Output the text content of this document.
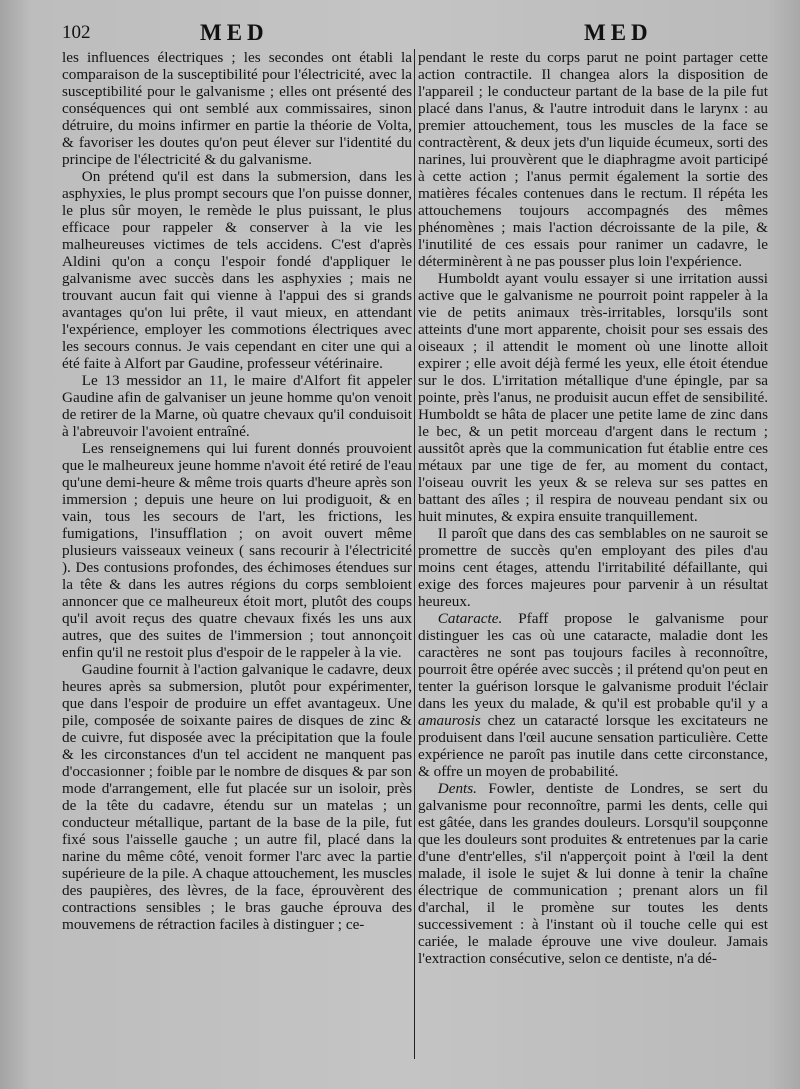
102	MED	MED

les influences électriques ; les secondes ont établi la comparaison de la susceptibilité pour l'électricité, avec la susceptibilité pour le galvanisme ; elles ont présenté des conséquences qui ont semblé aux commissaires, sinon détruire, du moins infirmer en partie la théorie de Volta, & favoriser les doutes qu'on peut élever sur l'identité du principe de l'électricité & du galvanisme.

On prétend qu'il est dans la submersion, dans les asphyxies, le plus prompt secours que l'on puisse donner, le plus sûr moyen, le remède le plus puissant, le plus efficace pour rappeler & conserver à la vie les malheureuses victimes de tels accidens. C'est d'après Aldini qu'on a conçu l'espoir fondé d'appliquer le galvanisme avec succès dans les asphyxies ; mais ne trouvant aucun fait qui vienne à l'appui des si grands avantages qu'on lui prête, il vaut mieux, en attendant l'expérience, employer les commotions électriques avec les secours connus. Je vais cependant en citer une qui a été faite à Alfort par Gaudine, professeur vétérinaire.

Le 13 messidor an 11, le maire d'Alfort fit appeler Gaudine afin de galvaniser un jeune homme qu'on venoit de retirer de la Marne, où quatre chevaux qu'il conduisoit à l'abreuvoir l'avoient entraîné.

Les renseignemens qui lui furent donnés prouvoient que le malheureux jeune homme n'avoit été retiré de l'eau qu'une demi-heure & même trois quarts d'heure après son immersion ; depuis une heure on lui prodiguoit, & en vain, tous les secours de l'art, les frictions, les fumigations, l'insufflation ; on avoit ouvert même plusieurs vaisseaux veineux ( sans recourir à l'électricité ). Des contusions profondes, des échimoses étendues sur la tête & dans les autres régions du corps sembloient annoncer que ce malheureux étoit mort, plutôt des coups qu'il avoit reçus des quatre chevaux fixés les uns aux autres, que des suites de l'immersion ; tout annonçoit enfin qu'il ne restoit plus d'espoir de le rappeler à la vie.

Gaudine fournit à l'action galvanique le cadavre, deux heures après sa submersion, plutôt pour expérimenter, que dans l'espoir de produire un effet avantageux. Une pile, composée de soixante paires de disques de zinc & de cuivre, fut disposée avec la précipitation que la foule & les circonstances d'un tel accident ne manquent pas d'occasionner ; foible par le nombre de disques & par son mode d'arrangement, elle fut placée sur un isoloir, près de la tête du cadavre, étendu sur un matelas ; un conducteur métallique, partant de la base de la pile, fut fixé sous l'aisselle gauche ; un autre fil, placé dans la narine du même côté, venoit former l'arc avec la partie supérieure de la pile. A chaque attouchement, les muscles des paupières, des lèvres, de la face, éprouvèrent des contractions sensibles ; le bras gauche éprouva des mouvemens de rétraction faciles à distinguer ; ce-

pendant le reste du corps parut ne point partager cette action contractile. Il changea alors la disposition de l'appareil ; le conducteur partant de la base de la pile fut placé dans l'anus, & l'autre introduit dans le larynx : au premier attouchement, tous les muscles de la face se contractèrent, & deux jets d'un liquide écumeux, sorti des narines, lui prouvèrent que le diaphragme avoit participé à cette action ; l'anus permit également la sortie des matières fécales contenues dans le rectum. Il répéta les attouchemens toujours accompagnés des mêmes phénomènes ; mais l'action décroissante de la pile, & l'inutilité de ces essais pour ranimer un cadavre, le déterminèrent à ne pas pousser plus loin l'expérience.

Humboldt ayant voulu essayer si une irritation aussi active que le galvanisme ne pourroit point rappeler à la vie de petits animaux très-irritables, lorsqu'ils sont atteints d'une mort apparente, choisit pour ses essais des oiseaux ; il attendit le moment où une linotte alloit expirer ; elle avoit déjà fermé les yeux, elle étoit étendue sur le dos. L'irritation métallique d'une épingle, par sa pointe, près l'anus, ne produisit aucun effet de sensibilité. Humboldt se hâta de placer une petite lame de zinc dans le bec, & un petit morceau d'argent dans le rectum ; aussitôt après que la communication fut établie entre ces métaux par une tige de fer, au moment du contact, l'oiseau ouvrit les yeux & se releva sur ses pattes en battant des aîles ; il respira de nouveau pendant six ou huit minutes, & expira ensuite tranquillement.

Il paroît que dans des cas semblables on ne sauroit se promettre de succès qu'en employant des piles d'au moins cent étages, attendu l'irritabilité défaillante, qui exige des forces majeures pour parvenir à un résultat heureux.

Cataracte. Pfaff propose le galvanisme pour distinguer les cas où une cataracte, maladie dont les caractères ne sont pas toujours faciles à reconnoître, pourroit être opérée avec succès ; il prétend qu'on peut en tenter la guérison lorsque le galvanisme produit l'éclair dans les yeux du malade, & qu'il est probable qu'il y a amaurosis chez un cataracté lorsque les excitateurs ne produisent dans l'œil aucune sensation particulière. Cette expérience ne paroît pas inutile dans cette circonstance, & offre un moyen de probabilité.

Dents. Fowler, dentiste de Londres, se sert du galvanisme pour reconnoître, parmi les dents, celle qui est gâtée, dans les grandes douleurs. Lorsqu'il soupçonne que les douleurs sont produites & entretenues par la carie d'une d'entr'elles, s'il n'apperçoit point à l'œil la dent malade, il isole le sujet & lui donne à tenir la chaîne électrique de communication ; prenant alors un fil d'archal, il le promène sur toutes les dents successivement : à l'instant où il touche celle qui est cariée, le malade éprouve une vive douleur. Jamais l'extraction consécutive, selon ce dentiste, n'a dé-
